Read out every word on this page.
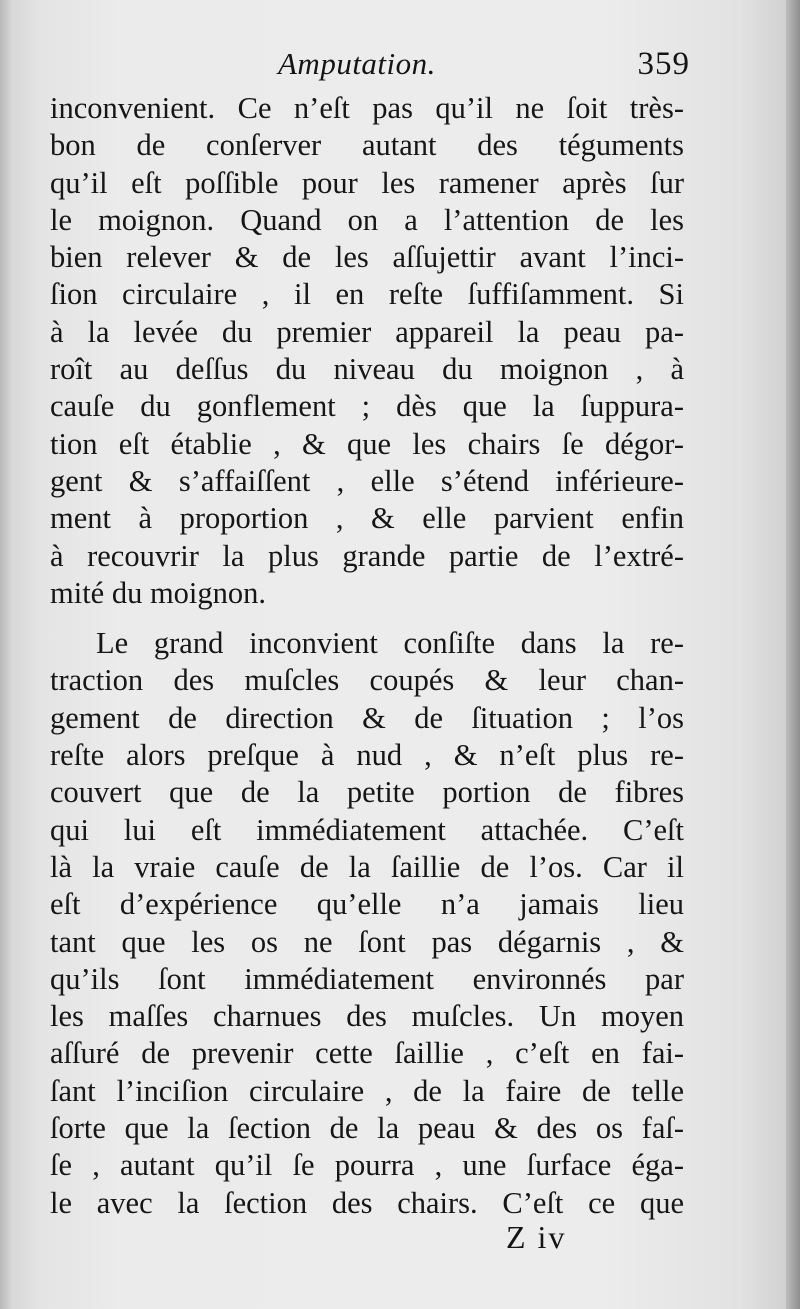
Amputation.	359
inconvenient. Ce n’eſt pas qu’il ne ſoit très-
bon de conſerver autant des téguments
qu’il eſt poſſible pour les ramener après ſur
le moignon. Quand on a l’attention de les
bien relever & de les aſſujettir avant l’inci-
ſion circulaire , il en reſte ſuffiſamment. Si
à la levée du premier appareil la peau pa-
roît au deſſus du niveau du moignon , à
cauſe du gonflement ; dès que la ſuppura-
tion eſt établie , & que les chairs ſe dégor-
gent & s’affaiſſent , elle s’étend inférieure-
ment à proportion , & elle parvient enfin
à recouvrir la plus grande partie de l’extré-
mité du moignon.
Le grand inconvient conſiſte dans la re-
traction des muſcles coupés & leur chan-
gement de direction & de ſituation ; l’os
reſte alors preſque à nud , & n’eſt plus re-
couvert que de la petite portion de fibres
qui lui eſt immédiatement attachée. C’eſt
là la vraie cauſe de la ſaillie de l’os. Car il
eſt d’expérience qu’elle n’a jamais lieu
tant que les os ne ſont pas dégarnis , &
qu’ils ſont immédiatement environnés par
les maſſes charnues des muſcles. Un moyen
aſſuré de prevenir cette ſaillie , c’eſt en fai-
ſant l’inciſion circulaire , de la faire de telle
ſorte que la ſection de la peau & des os faſ-
ſe , autant qu’il ſe pourra , une ſurface éga-
le avec la ſection des chairs. C’eſt ce que
Z iv
